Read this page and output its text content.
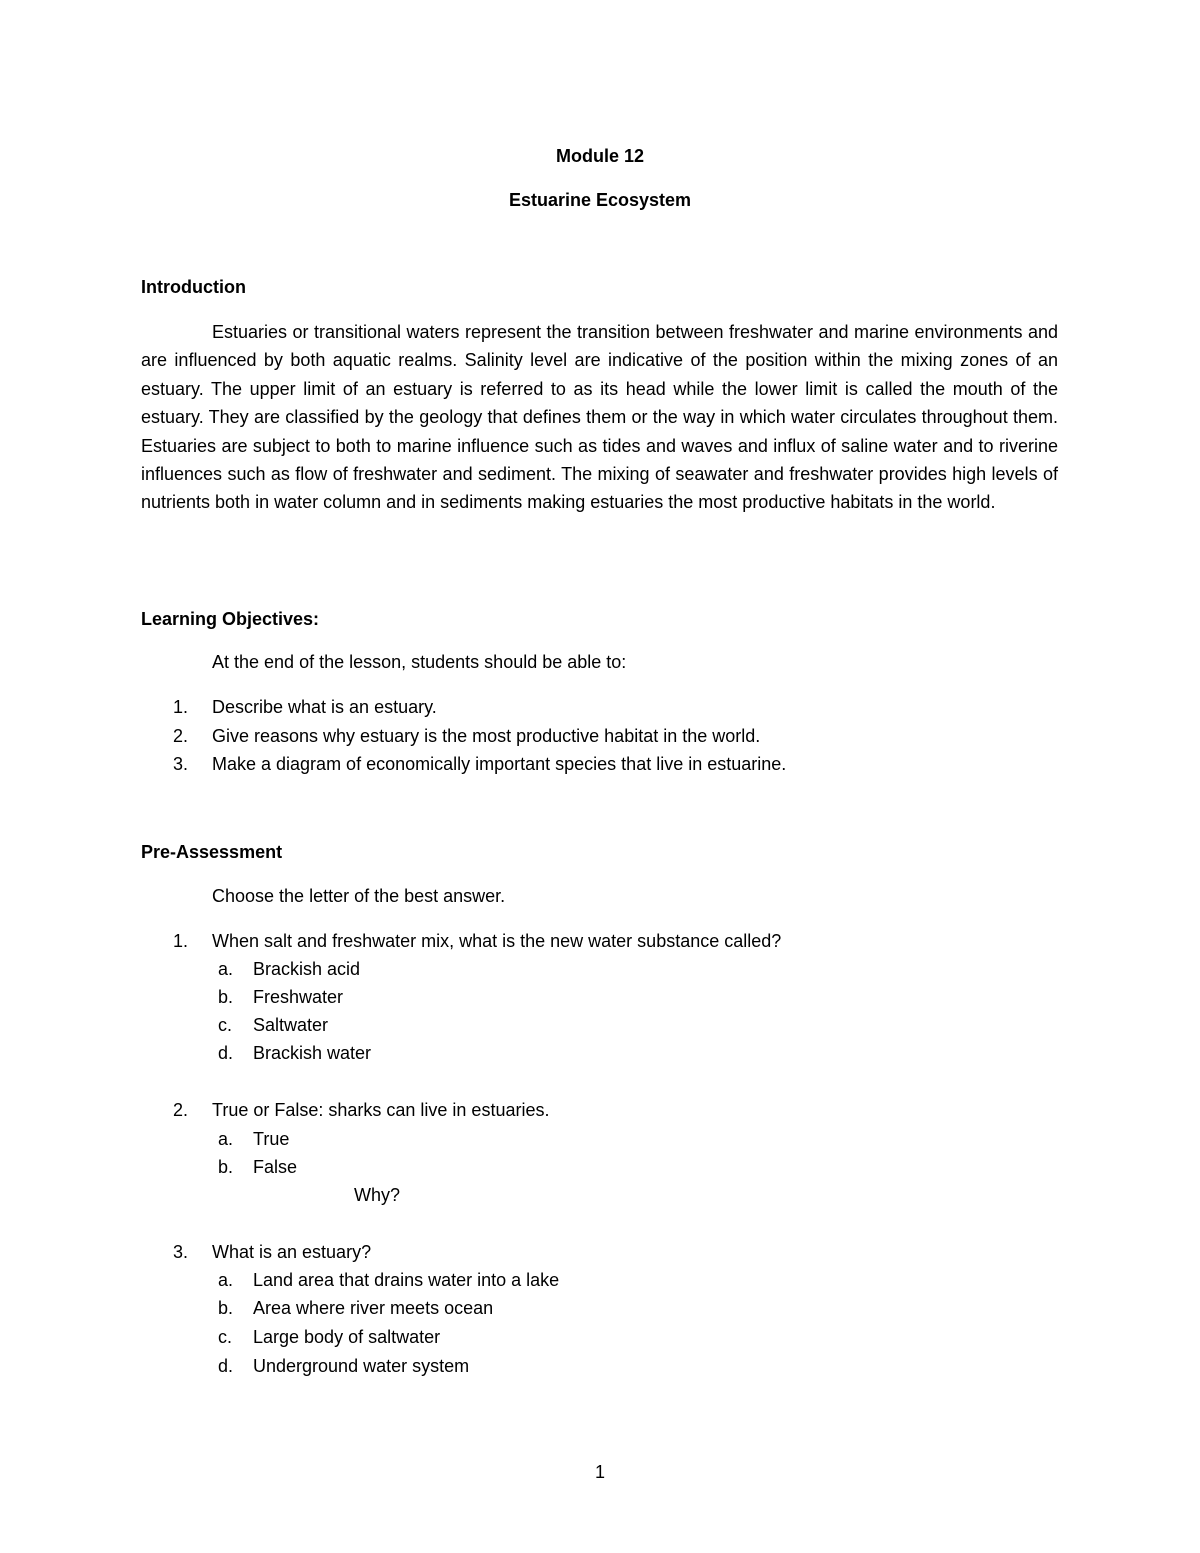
Module 12
Estuarine Ecosystem
Introduction

Estuaries or transitional waters represent the transition between freshwater and marine environments and are influenced by both aquatic realms. Salinity level are indicative of the position within the mixing zones of an estuary. The upper limit of an estuary is referred to as its head while the lower limit is called the mouth of the estuary. They are classified by the geology that defines them or the way in which water circulates throughout them. Estuaries are subject to both to marine influence such as tides and waves and influx of saline water and to riverine influences such as flow of freshwater and sediment. The mixing of seawater and freshwater provides high levels of nutrients both in water column and in sediments making estuaries the most productive habitats in the world.

Learning Objectives:
At the end of the lesson, students should be able to:
1. Describe what is an estuary.
2. Give reasons why estuary is the most productive habitat in the world.
3. Make a diagram of economically important species that live in estuarine.
Pre-Assessment
Choose the letter of the best answer.
1. When salt and freshwater mix, what is the new water substance called?
a. Brackish acid
b. Freshwater
c. Saltwater
d. Brackish water
2. True or False: sharks can live in estuaries.
a. True
b. False
Why?
3. What is an estuary?
a. Land area that drains water into a lake
b. Area where river meets ocean
c. Large body of saltwater
d. Underground water system
1
